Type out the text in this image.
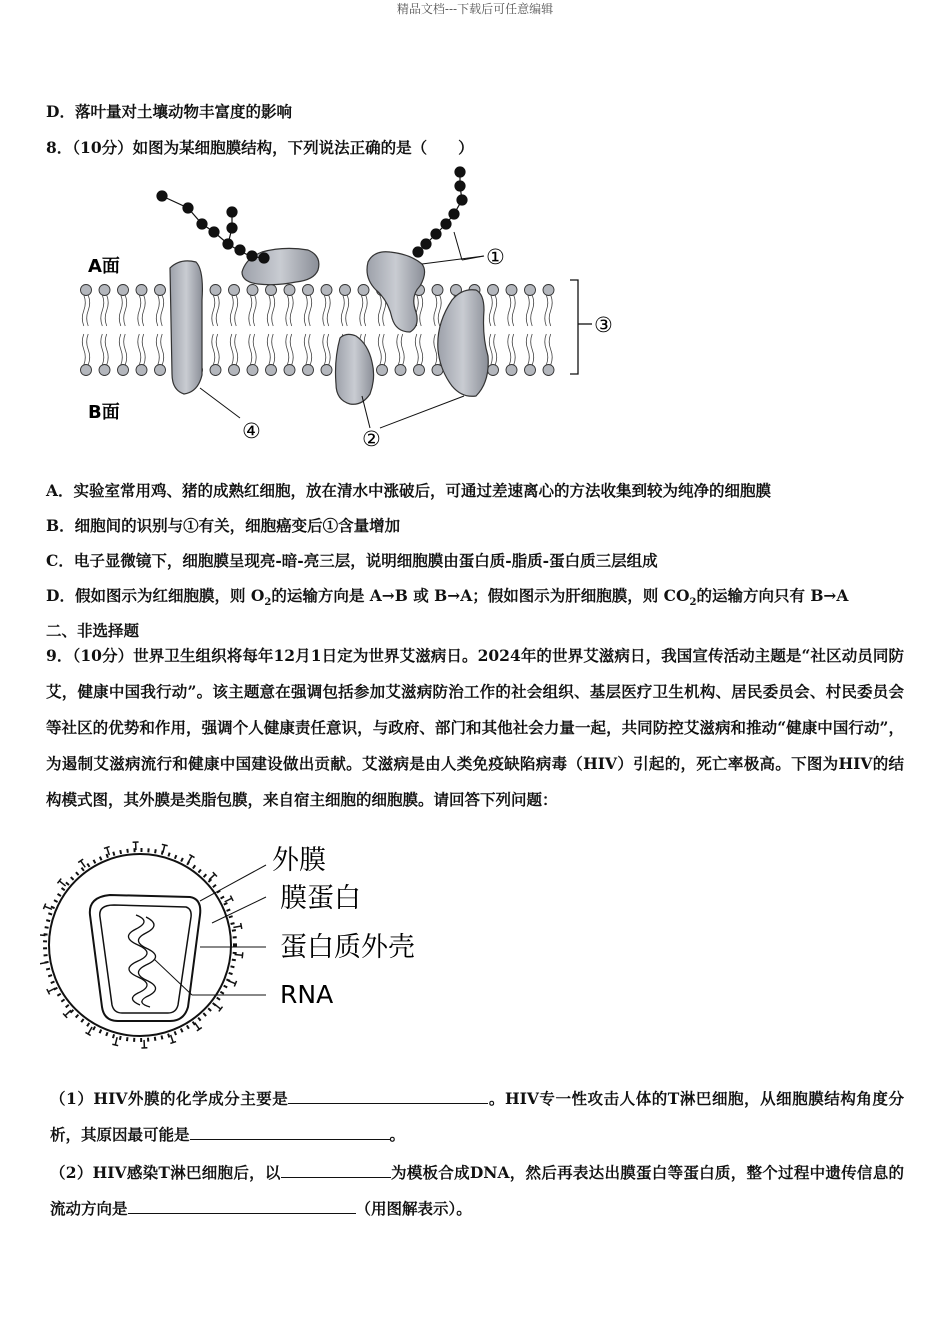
精品文档---下载后可任意编辑
D．落叶量对土壤动物丰富度的影响
8．（10分）如图为某细胞膜结构，下列说法正确的是（　　）
A面
B面
①
②
③
④
A．实验室常用鸡、猪的成熟红细胞，放在清水中涨破后，可通过差速离心的方法收集到较为纯净的细胞膜
B．细胞间的识别与①有关，细胞癌变后①含量增加
C．电子显微镜下，细胞膜呈现亮-暗-亮三层，说明细胞膜由蛋白质-脂质-蛋白质三层组成
D．假如图示为红细胞膜，则 $O_2$的运输方向是 A→B 或 B→A；假如图示为肝细胞膜，则 $CO_2$的运输方向只有 B→A
二、非选择题
9．（10分）世界卫生组织将每年12月1日定为世界艾滋病日。2024年的世界艾滋病日，我国宣传活动主题是“社区动员同防艾，健康中国我行动”。该主题意在强调包括参加艾滋病防治工作的社会组织、基层医疗卫生机构、居民委员会、村民委员会等社区的优势和作用，强调个人健康责任意识，与政府、部门和其他社会力量一起，共同防控艾滋病和推动“健康中国行动”，为遏制艾滋病流行和健康中国建设做出贡献。艾滋病是由人类免疫缺陷病毒（HIV）引起的，死亡率极高。下图为HIV的结构模式图，其外膜是类脂包膜，来自宿主细胞的细胞膜。请回答下列问题：
外膜
膜蛋白
蛋白质外壳
RNA
（1）HIV外膜的化学成分主要是	。HIV专一性攻击人体的T淋巴细胞，从细胞膜结构角度分析，其原因最可能是	。
（2）HIV感染T淋巴细胞后，以	为模板合成DNA，然后再表达出膜蛋白等蛋白质，整个过程中遗传信息的流动方向是	（用图解表示）。
